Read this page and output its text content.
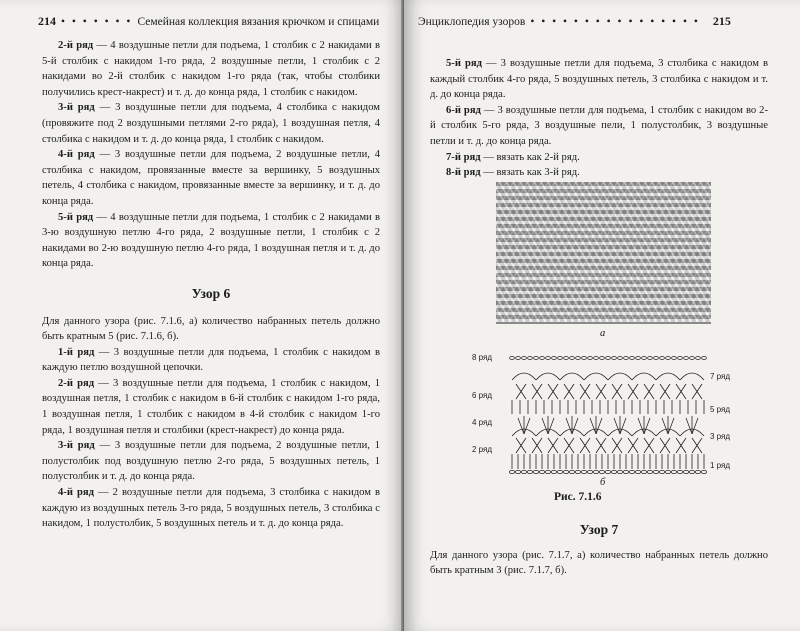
214 • • • • • • • Семейная коллекция вязания крючком и спицами

2-й ряд — 4 воздушные петли для подъема, 1 столбик с 2 накидами в 5-й столбик с накидом 1-го ряда, 2 воздушные петли, 1 столбик с 2 накидами во 2-й столбик с накидом 1-го ряда (так, чтобы столбики получились крест-накрест) и т. д. до конца ряда, 1 столбик с накидом.

3-й ряд — 3 воздушные петли для подъема, 4 столбика с накидом (провяжите под 2 воздушными петлями 2-го ряда), 1 воздушная петля, 4 столбика с накидом и т. д. до конца ряда, 1 столбик с накидом.

4-й ряд — 3 воздушные петли для подъема, 2 воздушные петли, 4 столбика с накидом, провязанные вместе за вершинку, 5 воздушных петель, 4 столбика с накидом, провязанные вместе за вершинку, и т. д. до конца ряда.

5-й ряд — 4 воздушные петли для подъема, 1 столбик с 2 накидами в 3-ю воздушную петлю 4-го ряда, 2 воздушные петли, 1 столбик с 2 накидами во 2-ю воздушную петлю 4-го ряда, 1 воздушная петля и т. д. до конца ряда.

Узор 6

Для данного узора (рис. 7.1.6, а) количество набранных петель должно быть кратным 5 (рис. 7.1.6, б).

1-й ряд — 3 воздушные петли для подъема, 1 столбик с накидом в каждую петлю воздушной цепочки.

2-й ряд — 3 воздушные петли для подъема, 1 столбик с накидом, 1 воздушная петля, 1 столбик с накидом в 6-й столбик с накидом 1-го ряда, 1 воздушная петля, 1 столбик с накидом в 4-й столбик с накидом 1-го ряда, 1 воздушная петля и столбики (крест-накрест) до конца ряда.

3-й ряд — 3 воздушные петли для подъема, 2 воздушные петли, 1 полустолбик под воздушную петлю 2-го ряда, 5 воздушных петель, 1 полустолбик и т. д. до конца ряда.

4-й ряд — 2 воздушные петли для подъема, 3 столбика с накидом в каждую из воздушных петель 3-го ряда, 5 воздушных петель, 3 столбика с накидом, 1 полустолбик, 5 воздушных петель и т. д. до конца ряда.

Энциклопедия узоров • • • • • • • • • • • • • • • • 215

5-й ряд — 3 воздушные петли для подъема, 3 столбика с накидом в каждый столбик 4-го ряда, 5 воздушных петель, 3 столбика с накидом и т. д. до конца ряда.

6-й ряд — 3 воздушные петли для подъема, 1 столбик с накидом во 2-й столбик 5-го ряда, 3 воздушные пели, 1 полустолбик, 3 воздушные петли и т. д. до конца ряда.

7-й ряд — вязать как 2-й ряд.

8-й ряд — вязать как 3-й ряд.

а
8 ряд
6 ряд
4 ряд
2 ряд
7 ряд
5 ряд
3 ряд
1 ряд
б
Рис. 7.1.6
Узор 7

Для данного узора (рис. 7.1.7, а) количество набранных петель должно быть кратным 3 (рис. 7.1.7, б).
